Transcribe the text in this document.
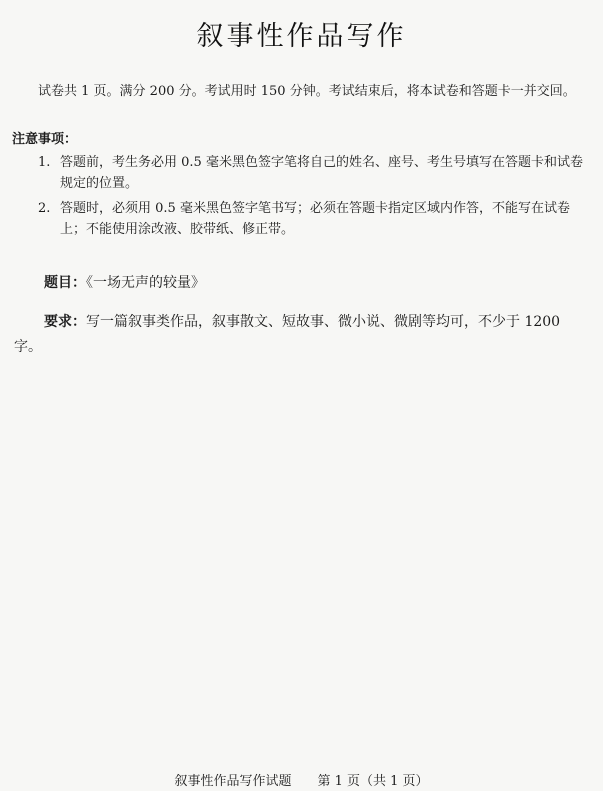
叙事性作品写作
试卷共 1 页。满分 200 分。考试用时 150 分钟。考试结束后，将本试卷和答题卡一并交回。
注意事项：
1. 答题前，考生务必用 0.5 毫米黑色签字笔将自己的姓名、座号、考生号填写在答题卡和试卷规定的位置。
2. 答题时，必须用 0.5 毫米黑色签字笔书写；必须在答题卡指定区域内作答，不能写在试卷上；不能使用涂改液、胶带纸、修正带。
题目：《一场无声的较量》
要求：写一篇叙事类作品，叙事散文、短故事、微小说、微剧等均可，不少于 1200 字。
叙事性作品写作试题 第 1 页（共 1 页）
